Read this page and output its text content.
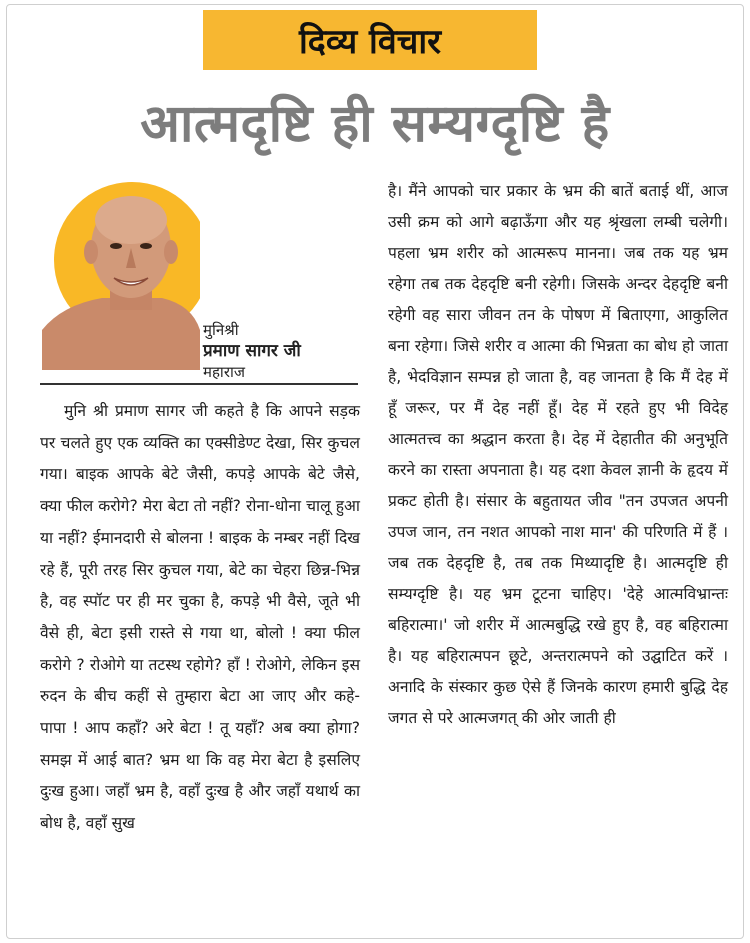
दिव्य विचार
आत्मदृष्टि ही सम्यग्दृष्टि है
मुनिश्री
प्रमाण सागर जी
महाराज
मुनि श्री प्रमाण सागर जी कहते है कि आपने सड़क पर चलते हुए एक व्यक्ति का एक्सीडेण्ट देखा, सिर कुचल गया। बाइक आपके बेटे जैसी, कपड़े आपके बेटे जैसे, क्या फील करोगे? मेरा बेटा तो नहीं? रोना-धोना चालू हुआ या नहीं? ईमानदारी से बोलना ! बाइक के नम्बर नहीं दिख रहे हैं, पूरी तरह सिर कुचल गया, बेटे का चेहरा छिन्न-भिन्न है, वह स्पॉट पर ही मर चुका है, कपड़े भी वैसे, जूते भी वैसे ही, बेटा इसी रास्ते से गया था, बोलो ! क्या फील करोगे ? रोओगे या तटस्थ रहोगे? हाँ ! रोओगे, लेकिन इस रुदन के बीच कहीं से तुम्हारा बेटा आ जाए और कहे- पापा ! आप कहाँ? अरे बेटा ! तू यहाँ? अब क्या होगा? समझ में आई बात? भ्रम था कि वह मेरा बेटा है इसलिए दुःख हुआ। जहाँ भ्रम है, वहाँ दुःख है और जहाँ यथार्थ का बोध है, वहाँ सुख
है। मैंने आपको चार प्रकार के भ्रम की बातें बताई थीं, आज उसी क्रम को आगे बढ़ाऊँगा और यह श्रृंखला लम्बी चलेगी। पहला भ्रम शरीर को आत्मरूप मानना। जब तक यह भ्रम रहेगा तब तक देहदृष्टि बनी रहेगी। जिसके अन्दर देहदृष्टि बनी रहेगी वह सारा जीवन तन के पोषण में बिताएगा, आकुलित बना रहेगा। जिसे शरीर व आत्मा की भिन्नता का बोध हो जाता है, भेदविज्ञान सम्पन्न हो जाता है, वह जानता है कि मैं देह में हूँ जरूर, पर मैं देह नहीं हूँ। देह में रहते हुए भी विदेह आत्मतत्त्व का श्रद्धान करता है। देह में देहातीत की अनुभूति करने का रास्ता अपनाता है। यह दशा केवल ज्ञानी के हृदय में प्रकट होती है। संसार के बहुतायत जीव "तन उपजत अपनी उपज जान, तन नशत आपको नाश मान' की परिणति में हैं । जब तक देहदृष्टि है, तब तक मिथ्यादृष्टि है। आत्मदृष्टि ही सम्यग्दृष्टि है। यह भ्रम टूटना चाहिए। 'देहे आत्मविभ्रान्तः बहिरात्मा।' जो शरीर में आत्मबुद्धि रखे हुए है, वह बहिरात्मा है। यह बहिरात्मपन छूटे, अन्तरात्मपने को उद्घाटित करें । अनादि के संस्कार कुछ ऐसे हैं जिनके कारण हमारी बुद्धि देह जगत से परे आत्मजगत् की ओर जाती ही
